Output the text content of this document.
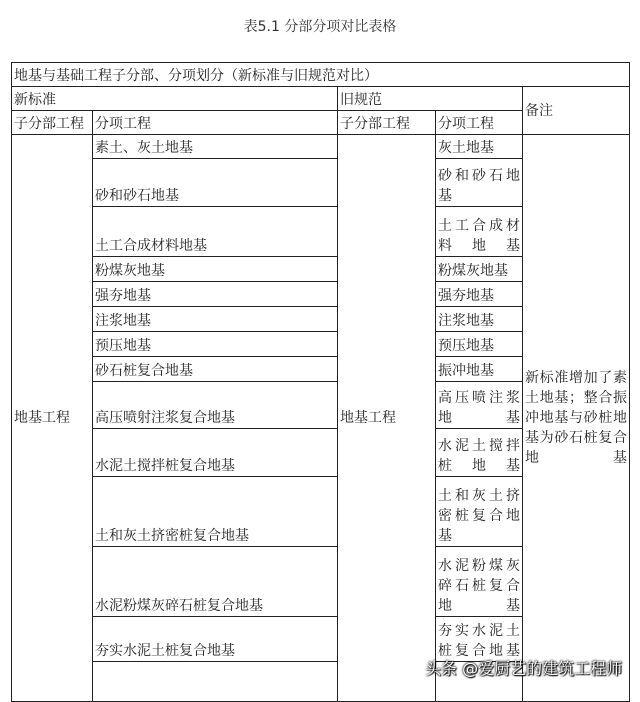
表5.1 分部分项对比表格
地基与基础工程子分部、分项划分（新标准与旧规范对比）				
新标准		旧规范		备注
子分部工程	分项工程	子分部工程	分项工程	
地基工程	素土、灰土地基	地基工程	灰土地基	新标准增加了素土地基；整合振冲地基与砂桩地基为砂石桩复合地基
	砂和砂石地基		砂和砂石地基	
	土工合成材料地基		土工合成材料地基	
	粉煤灰地基		粉煤灰地基	
	强夯地基		强夯地基	
	注浆地基		注浆地基	
	预压地基		预压地基	
	砂石桩复合地基		振冲地基	
	高压喷射注浆复合地基		高压喷注浆地基	
	水泥土搅拌桩复合地基		水泥土搅拌桩地基	
	土和灰土挤密桩复合地基		土和灰土挤密桩复合地基	
	水泥粉煤灰碎石桩复合地基		水泥粉煤灰碎石桩复合地基	
	夯实水泥土桩复合地基		夯实水泥土桩复合地基	

头条 @爱厨艺的建筑工程师
